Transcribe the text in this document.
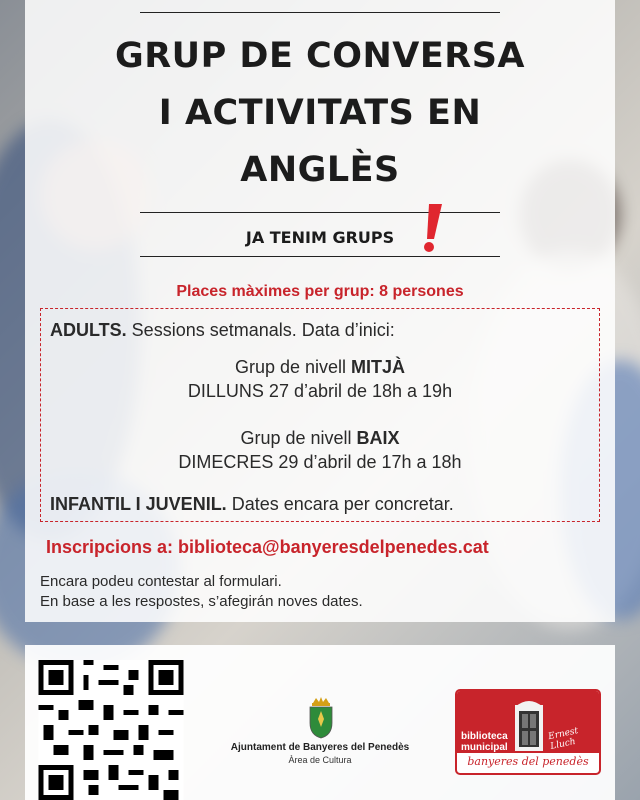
GRUP DE CONVERSA
I ACTIVITATS EN
ANGLÈS
JA TENIM GRUPS
Places màximes per grup: 8 persones
ADULTS. Sessions setmanals. Data d’inici:
Grup de nivell MITJÀ
DILLUNS 27 d’abril de 18h a 19h
Grup de nivell BAIX
DIMECRES 29 d’abril de 17h a 18h
INFANTIL I JUVENIL. Dates encara per concretar.
Inscripcions a: biblioteca@banyeresdelpenedes.cat
Encara podeu contestar al formulari.
En base a les respostes, s’afegirán noves dates.
Ajuntament de Banyeres del Penedès
Àrea de Cultura
biblioteca
municipal
Ernest Lluch
banyeres del penedès
